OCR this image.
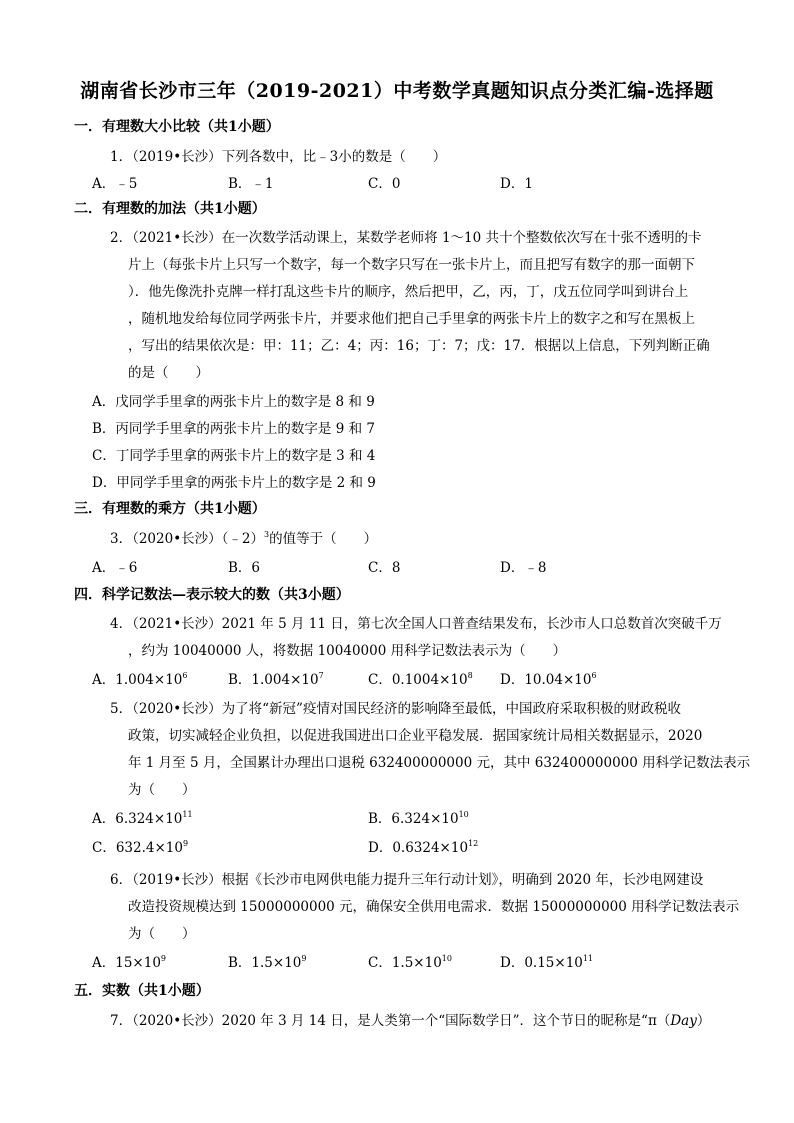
湖南省长沙市三年（2019-2021）中考数学真题知识点分类汇编-选择题
一．有理数大小比较（共1小题）
1．（2019•长沙）下列各数中，比﹣3小的数是（　　）
A．﹣5	B．﹣1	C．0	D．1
二．有理数的加法（共1小题）
2．（2021•长沙）在一次数学活动课上，某数学老师将 1～10 共十个整数依次写在十张不透明的卡
片上（每张卡片上只写一个数字，每一个数字只写在一张卡片上，而且把写有数字的那一面朝下
）．他先像洗扑克牌一样打乱这些卡片的顺序，然后把甲，乙，丙，丁，戊五位同学叫到讲台上
，随机地发给每位同学两张卡片，并要求他们把自己手里拿的两张卡片上的数字之和写在黑板上
，写出的结果依次是：甲：11；乙：4；丙：16；丁：7；戊：17．根据以上信息，下列判断正确
的是（　　）
A．戊同学手里拿的两张卡片上的数字是 8 和 9
B．丙同学手里拿的两张卡片上的数字是 9 和 7
C．丁同学手里拿的两张卡片上的数字是 3 和 4
D．甲同学手里拿的两张卡片上的数字是 2 和 9
三．有理数的乘方（共1小题）
3．（2020•长沙）（﹣2）$^3$的值等于（　　）
A．﹣6	B．6	C．8	D．﹣8
四．科学记数法—表示较大的数（共3小题）
4．（2021•长沙）2021 年 5 月 11 日，第七次全国人口普查结果发布，长沙市人口总数首次突破千万
，约为 10040000 人，将数据 10040000 用科学记数法表示为（　　）
A．$1.004\times 10^6$	B．$1.004\times 10^7$	C．$0.1004\times 10^8$ D．$10.04\times 10^6$
5．（2020•长沙）为了将“新冠”疫情对国民经济的影响降至最低，中国政府采取积极的财政税收
政策，切实减轻企业负担，以促进我国进出口企业平稳发展．据国家统计局相关数据显示，2020
年 1 月至 5 月，全国累计办理出口退税 632400000000 元，其中 632400000000 用科学记数法表示
为（　　）
A．$6.324\times 10^{11}$	B．$6.324\times 10^{10}$
C．$632.4\times 10^9$	D．$0.6324\times 10^{12}$
6．（2019•长沙）根据《长沙市电网供电能力提升三年行动计划》，明确到 2020 年，长沙电网建设
改造投资规模达到 15000000000 元，确保安全供用电需求．数据 15000000000 用科学记数法表示
为（　　）
A．$15\times 10^9$	B．$1.5\times 10^9$	C．$1.5\times 10^{10}$	D．$0.15\times 10^{11}$
五．实数（共1小题）
7．（2020•长沙）2020 年 3 月 14 日，是人类第一个“国际数学日”．这个节日的昵称是“π（Day）
